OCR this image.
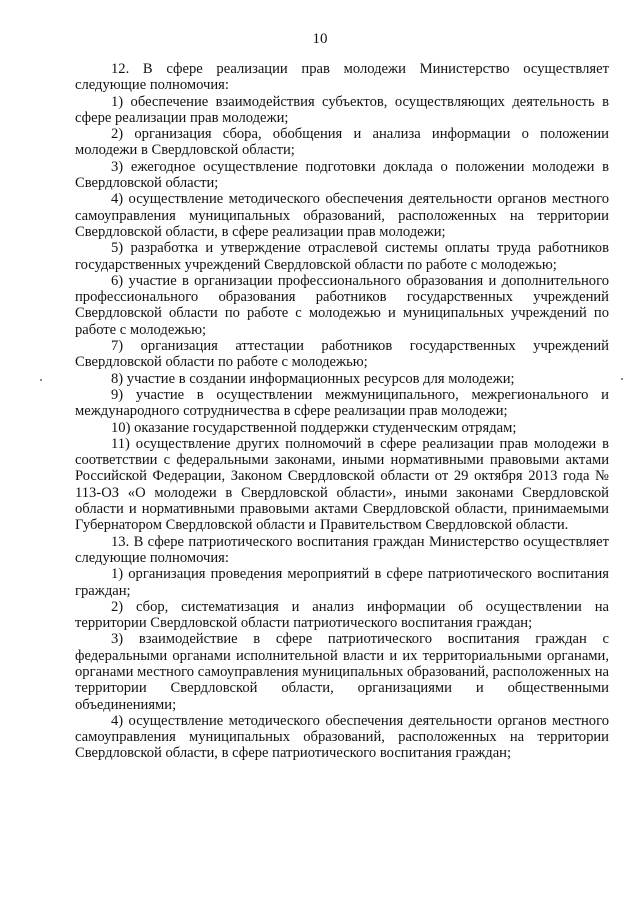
10

12. В сфере реализации прав молодежи Министерство осуществляет следующие полномочия:

1) обеспечение взаимодействия субъектов, осуществляющих деятельность в сфере реализации прав молодежи;

2) организация сбора, обобщения и анализа информации о положении молодежи в Свердловской области;

3) ежегодное осуществление подготовки доклада о положении молодежи в Свердловской области;

4) осуществление методического обеспечения деятельности органов местного самоуправления муниципальных образований, расположенных на территории Свердловской области, в сфере реализации прав молодежи;

5) разработка и утверждение отраслевой системы оплаты труда работников государственных учреждений Свердловской области по работе с молодежью;

6) участие в организации профессионального образования и дополнительного профессионального образования работников государственных учреждений Свердловской области по работе с молодежью и муниципальных учреждений по работе с молодежью;

7) организация аттестации работников государственных учреждений Свердловской области по работе с молодежью;

8) участие в создании информационных ресурсов для молодежи;

9) участие в осуществлении межмуниципального, межрегионального и международного сотрудничества в сфере реализации прав молодежи;

10) оказание государственной поддержки студенческим отрядам;

11) осуществление других полномочий в сфере реализации прав молодежи в соответствии с федеральными законами, иными нормативными правовыми актами Российской Федерации, Законом Свердловской области от 29 октября 2013 года № 113-ОЗ «О молодежи в Свердловской области», иными законами Свердловской области и нормативными правовыми актами Свердловской области, принимаемыми Губернатором Свердловской области и Правительством Свердловской области.

13. В сфере патриотического воспитания граждан Министерство осуществляет следующие полномочия:

1) организация проведения мероприятий в сфере патриотического воспитания граждан;

2) сбор, систематизация и анализ информации об осуществлении на территории Свердловской области патриотического воспитания граждан;

3) взаимодействие в сфере патриотического воспитания граждан с федеральными органами исполнительной власти и их территориальными органами, органами местного самоуправления муниципальных образований, расположенных на территории Свердловской области, организациями и общественными объединениями;

4) осуществление методического обеспечения деятельности органов местного самоуправления муниципальных образований, расположенных на территории Свердловской области, в сфере патриотического воспитания граждан;
